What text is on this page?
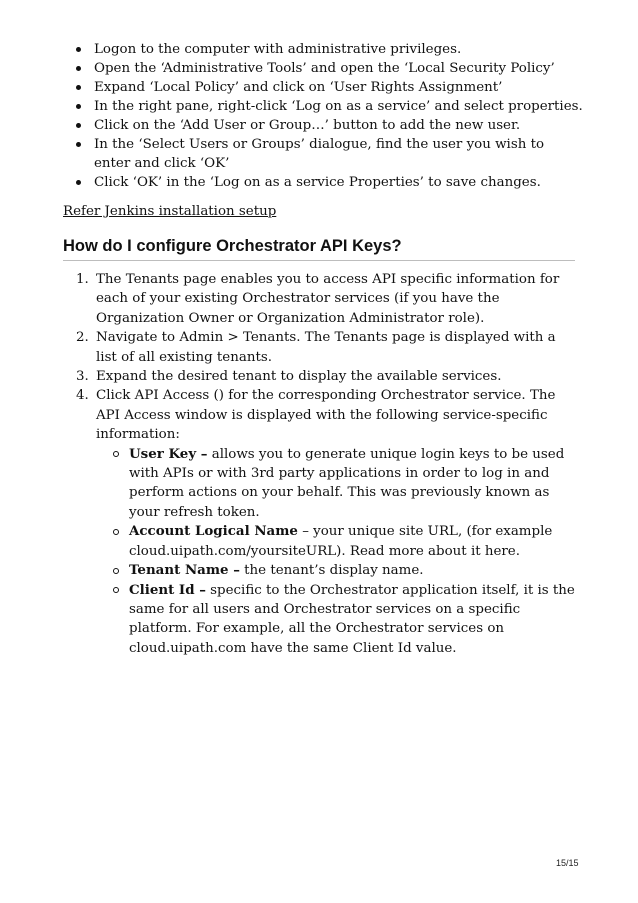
Logon to the computer with administrative privileges.
Open the ‘Administrative Tools’ and open the ‘Local Security Policy’
Expand ‘Local Policy’ and click on ‘User Rights Assignment’
In the right pane, right-click ‘Log on as a service’ and select properties.
Click on the ‘Add User or Group…’ button to add the new user.
In the ‘Select Users or Groups’ dialogue, find the user you wish to enter and click ‘OK’
Click ‘OK’ in the ‘Log on as a service Properties’ to save changes.
Refer Jenkins installation setup
How do I configure Orchestrator API Keys?
1. The Tenants page enables you to access API specific information for each of your existing Orchestrator services (if you have the Organization Owner or Organization Administrator role).
2. Navigate to Admin > Tenants. The Tenants page is displayed with a list of all existing tenants.
3. Expand the desired tenant to display the available services.
4. Click API Access () for the corresponding Orchestrator service. The API Access window is displayed with the following service-specific information:
User Key – allows you to generate unique login keys to be used with APIs or with 3rd party applications in order to log in and perform actions on your behalf. This was previously known as your refresh token.
Account Logical Name – your unique site URL, (for example cloud.uipath.com/yoursiteURL). Read more about it here.
Tenant Name – the tenant’s display name.
Client Id – specific to the Orchestrator application itself, it is the same for all users and Orchestrator services on a specific platform. For example, all the Orchestrator services on cloud.uipath.com have the same Client Id value.
15/15
